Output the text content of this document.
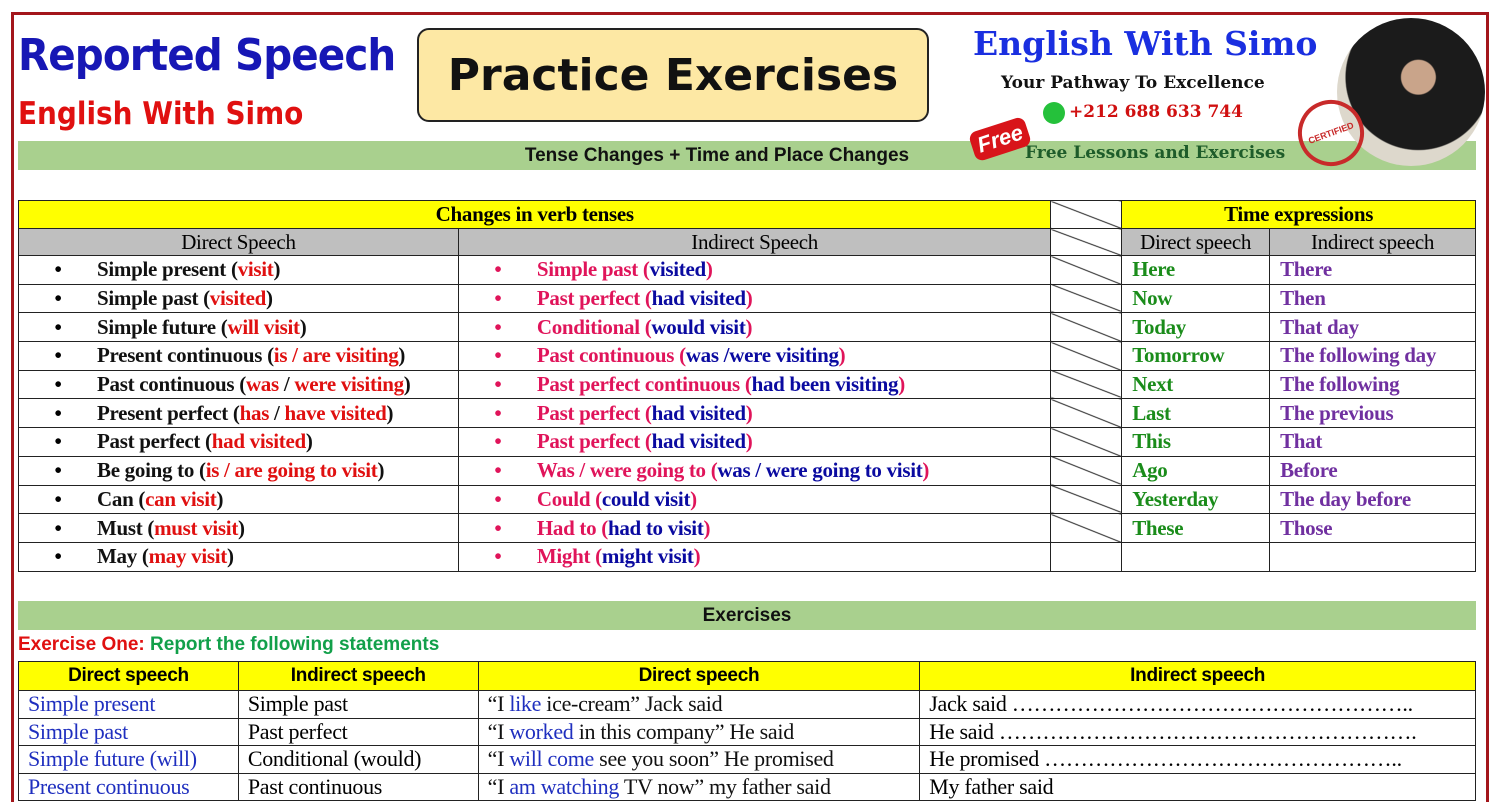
Reported Speech
English With Simo
Practice Exercises
Tense Changes + Time and Place Changes
English With Simo
Your Pathway To Excellence
+212 688 633 744
Free Lessons and Exercises
Free	CERTIFIED
Changes in verb tenses			Time expressions	
Direct Speech	Indirect Speech		Direct speech	Indirect speech
• Simple present (visit)	• Simple past (visited)		Here	There
• Simple past (visited)	• Past perfect (had visited)		Now	Then
• Simple future (will visit)	• Conditional (would visit)		Today	That day
• Present continuous (is / are visiting)	• Past continuous (was /were visiting)		Tomorrow	The following day
• Past continuous (was / were visiting)	• Past perfect continuous (had been visiting)		Next	The following
• Present perfect (has / have visited)	• Past perfect (had visited)		Last	The previous
• Past perfect (had visited)	• Past perfect (had visited)		This	That
• Be going to (is / are going to visit)	• Was / were going to (was / were going to visit)		Ago	Before
• Can (can visit)	• Could (could visit)		Yesterday	The day before
• Must (must visit)	• Had to (had to visit)		These	Those
• May (may visit)	• Might (might visit)			
Exercises
Exercise One: Report the following statements
Direct speech	Indirect speech	Direct speech	Indirect speech
Simple present	Simple past	“I like ice-cream” Jack said	Jack said ………………………………………………..
Simple past	Past perfect	“I worked in this company” He said	He said ………………………………………………….
Simple future (will)	Conditional (would)	“I will come see you soon” He promised	He promised …………………………………………..
Present continuous	Past continuous	“I am watching TV now” my father said	My father said
